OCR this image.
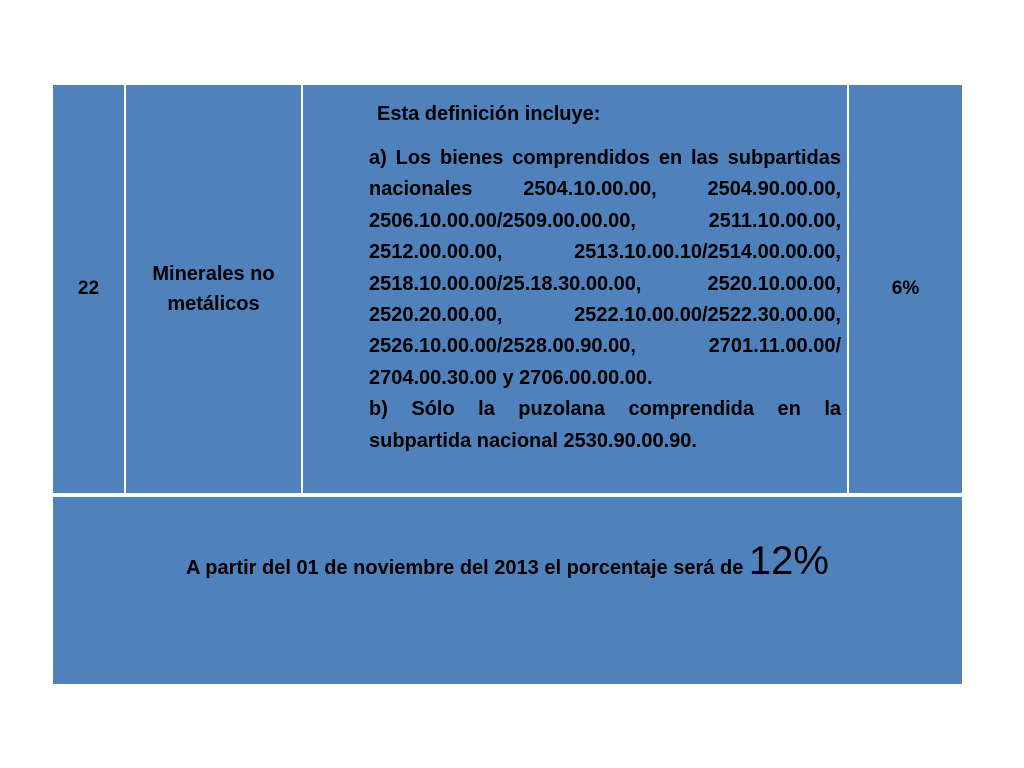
22
Minerales no metálicos
Esta definición incluye:

a) Los bienes comprendidos en las subpartidas nacionales 2504.10.00.00, 2504.90.00.00, 2506.10.00.00/2509.00.00.00, 2511.10.00.00, 2512.00.00.00, 2513.10.00.10/2514.00.00.00, 2518.10.00.00/25.18.30.00.00, 2520.10.00.00, 2520.20.00.00, 2522.10.00.00/2522.30.00.00, 2526.10.00.00/2528.00.90.00, 2701.11.00.00/ 2704.00.30.00 y 2706.00.00.00.

b) Sólo la puzolana comprendida en la subpartida nacional 2530.90.00.90.

6%
A partir del 01 de noviembre del 2013 el porcentaje será de 12%
